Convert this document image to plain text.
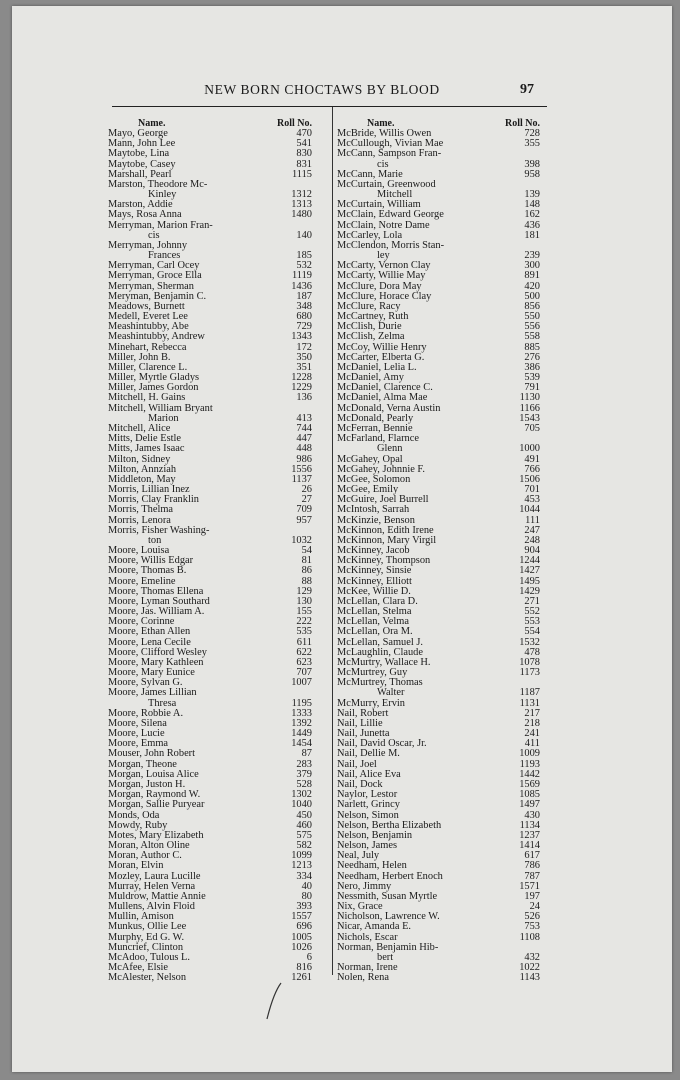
NEW BORN CHOCTAWS BY BLOOD	97
Name.	Roll No.
Mayo, George	470
Mann, John Lee	541
Maytobe, Lina	830
Maytobe, Casey	831
Marshall, Pearl	1115
Marston, Theodore Mc-
Kinley	1312
Marston, Addie	1313
Mays, Rosa Anna	1480
Merryman, Marion Fran-
cis	140
Merryman, Johnny
Frances	185
Merryman, Carl Ocey	532
Merryman, Groce Ella	1119
Merryman, Sherman	1436
Meryman, Benjamin C.	187
Meadows, Burnett	348
Medell, Everet Lee	680
Meashintubby, Abe	729
Meashintubby, Andrew	1343
Minehart, Rebecca	172
Miller, John B.	350
Miller, Clarence L.	351
Miller, Myrtle Gladys	1228
Miller, James Gordon	1229
Mitchell, H. Gains	136
Mitchell, William Bryant
Marion	413
Mitchell, Alice	744
Mitts, Delie Estle	447
Mitts, James Isaac	448
Milton, Sidney	986
Milton, Annziah	1556
Middleton, May	1137
Morris, Lillian Inez	26
Morris, Clay Franklin	27
Morris, Thelma	709
Morris, Lenora	957
Morris, Fisher Washing-
ton	1032
Moore, Louisa	54
Moore, Willis Edgar	81
Moore, Thomas B.	86
Moore, Emeline	88
Moore, Thomas Ellena	129
Moore, Lyman Southard	130
Moore, Jas. William A.	155
Moore, Corinne	222
Moore, Ethan Allen	535
Moore, Lena Cecile	611
Moore, Clifford Wesley	622
Moore, Mary Kathleen	623
Moore, Mary Eunice	707
Moore, Sylvan G.	1007
Moore, James Lillian
Thresa	1195
Moore, Robbie A.	1333
Moore, Silena	1392
Moore, Lucie	1449
Moore, Emma	1454
Mouser, John Robert	87
Morgan, Theone	283
Morgan, Louisa Alice	379
Morgan, Juston H.	528
Morgan, Raymond W.	1302
Morgan, Sallie Puryear	1040
Monds, Oda	450
Mowdy, Ruby	460
Motes, Mary Elizabeth	575
Moran, Alton Oline	582
Moran, Author C.	1099
Moran, Elvin	1213
Mozley, Laura Lucille	334
Murray, Helen Verna	40
Muldrow, Mattie Annie	80
Mullens, Alvin Floid	393
Mullin, Amison	1557
Munkus, Ollie Lee	696
Murphy, Ed G. W.	1005
Muncrief, Clinton	1026
McAdoo, Tulous L.	6
McAfee, Elsie	816
McAlester, Nelson	1261
Name.	Roll No.
McBride, Willis Owen	728
McCullough, Vivian Mae	355
McCann, Sampson Fran-
cis	398
McCann, Marie	958
McCurtain, Greenwood
Mitchell	139
McCurtain, William	148
McClain, Edward George	162
McClain, Notre Dame	436
McCarley, Lola	181
McClendon, Morris Stan-
ley	239
McCarty, Vernon Clay	300
McCarty, Willie May	891
McClure, Dora May	420
McClure, Horace Clay	500
McClure, Racy	856
McCartney, Ruth	550
McClish, Durie	556
McClish, Zelma	558
McCoy, Willie Henry	885
McCarter, Elberta G.	276
McDaniel, Lelia L.	386
McDaniel, Amy	539
McDaniel, Clarence C.	791
McDaniel, Alma Mae	1130
McDonald, Verna Austin	1166
McDonald, Pearly	1543
McFerran, Bennie	705
McFarland, Flarnce
Glenn	1000
McGahey, Opal	491
McGahey, Johnnie F.	766
McGee, Solomon	1506
McGee, Emily	701
McGuire, Joel Burrell	453
McIntosh, Sarrah	1044
McKinzie, Benson	111
McKinnon, Edith Irene	247
McKinnon, Mary Virgil	248
McKinney, Jacob	904
McKinney, Thompson	1244
McKinney, Sinsie	1427
McKinney, Elliott	1495
McKee, Willie D.	1429
McLellan, Clara D.	271
McLellan, Stelma	552
McLellan, Velma	553
McLellan, Ora M.	554
McLellan, Samuel J.	1532
McLaughlin, Claude	478
McMurtry, Wallace H.	1078
McMurtrey, Guy	1173
McMurtrey, Thomas
Walter	1187
McMurry, Ervin	1131
Nail, Robert	217
Nail, Lillie	218
Nail, Junetta	241
Nail, David Oscar, Jr.	411
Nail, Dellie M.	1009
Nail, Joel	1193
Nail, Alice Eva	1442
Nail, Dock	1569
Naylor, Lestor	1085
Narlett, Grincy	1497
Nelson, Simon	430
Nelson, Bertha Elizabeth	1134
Nelson, Benjamin	1237
Nelson, James	1414
Neal, July	617
Needham, Helen	786
Needham, Herbert Enoch	787
Nero, Jimmy	1571
Nessmith, Susan Myrtle	197
Nix, Grace	24
Nicholson, Lawrence W.	526
Nicar, Amanda E.	753
Nichols, Escar	1108
Norman, Benjamin Hib-
bert	432
Norman, Irene	1022
Nolen, Rena	1143
